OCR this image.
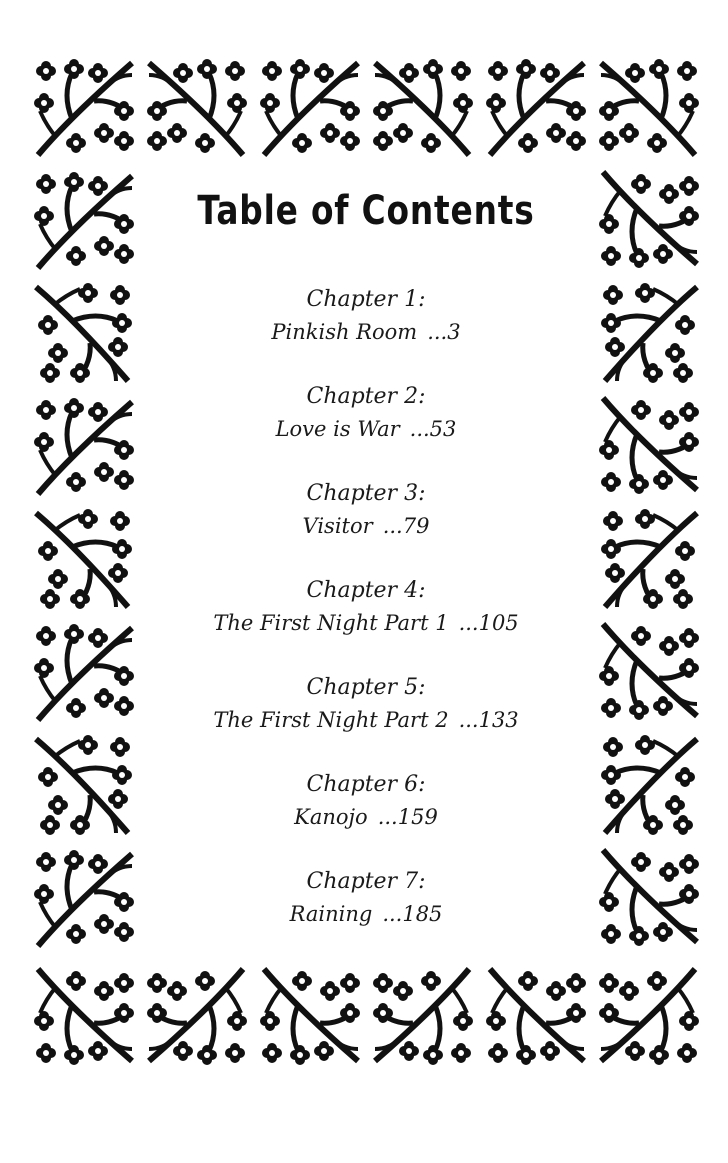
Table of Contents
Chapter 1:
Pinkish Room ...3
Chapter 2:
Love is War ...53
Chapter 3:
Visitor ...79
Chapter 4:
The First Night Part 1 ...105
Chapter 5:
The First Night Part 2 ...133
Chapter 6:
Kanojo ...159
Chapter 7:
Raining ...185
